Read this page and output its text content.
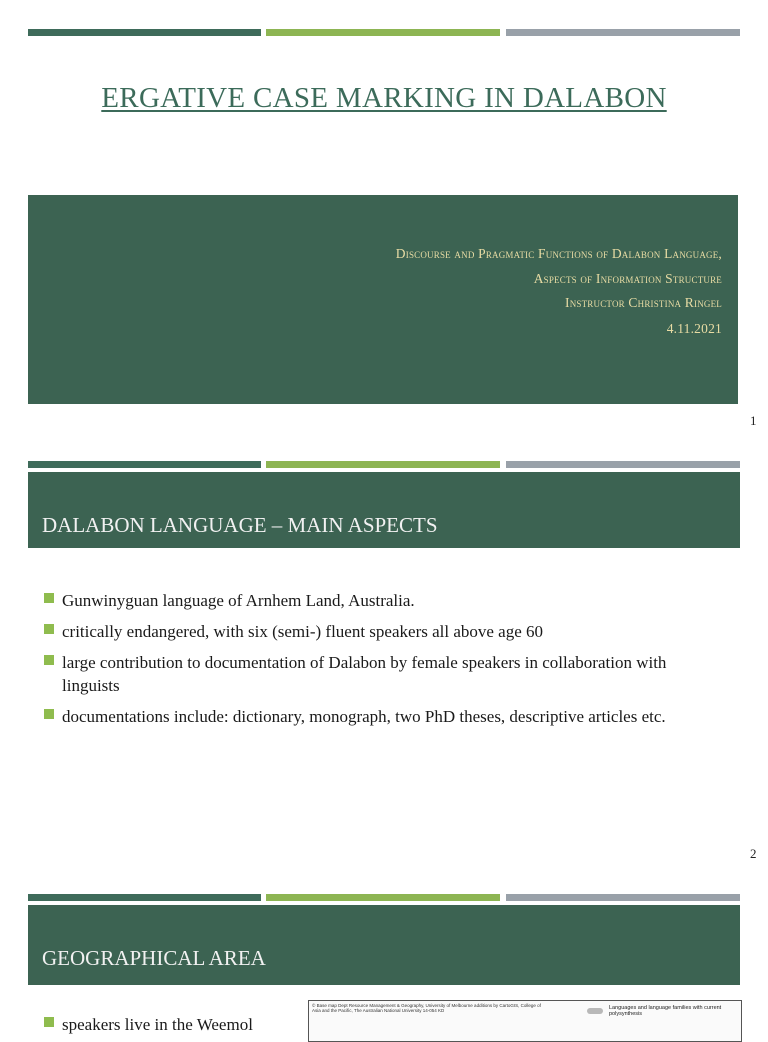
ERGATIVE CASE MARKING IN DALABON
Discourse and Pragmatic Functions of Dalabon Language,
Aspects of Information Structure
Instructor Christina Ringel
4.11.2021
1
DALABON LANGUAGE – MAIN ASPECTS
Gunwinyguan language of Arnhem Land, Australia.
critically endangered, with six (semi-) fluent speakers all above age 60
large contribution to documentation of Dalabon by female speakers in collaboration with linguists
documentations include: dictionary, monograph, two PhD theses, descriptive articles etc.
2
GEOGRAPHICAL AREA
speakers live in the Weemol
© Base map Dept Resource Management & Geography, University of Melbourne additions by CartoGIS, College of Asia and the Pacific, The Australian National University 14-054 KD	Languages and language families with current polysynthesis
